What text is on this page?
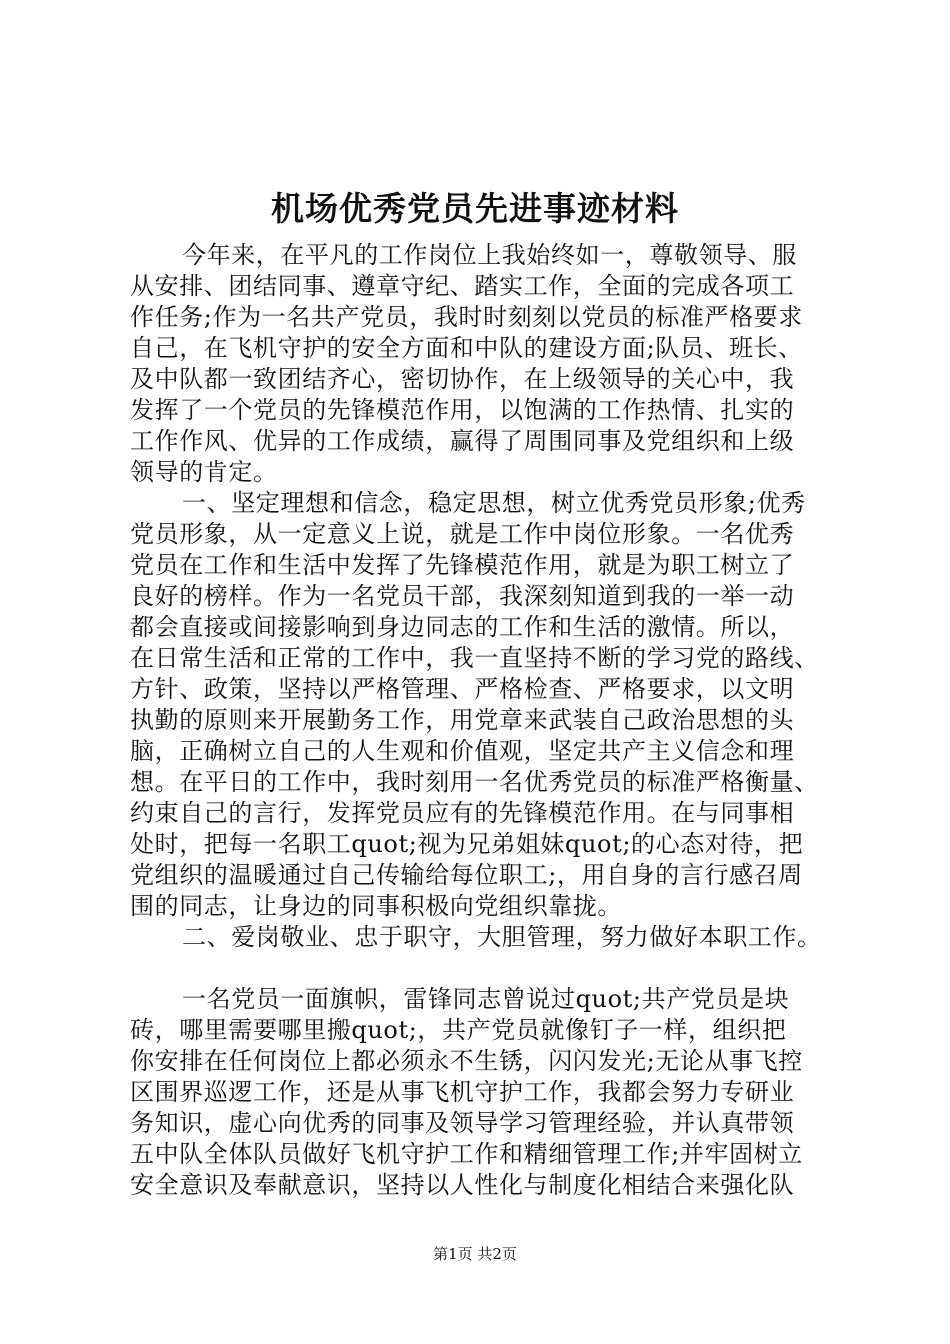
机场优秀党员先进事迹材料
今年来，在平凡的工作岗位上我始终如一，尊敬领导、服
从安排、团结同事、遵章守纪、踏实工作，全面的完成各项工
作任务;作为一名共产党员，我时时刻刻以党员的标准严格要求
自己，在飞机守护的安全方面和中队的建设方面;队员、班长、
及中队都一致团结齐心，密切协作，在上级领导的关心中，我
发挥了一个党员的先锋模范作用，以饱满的工作热情、扎实的
工作作风、优异的工作成绩，赢得了周围同事及党组织和上级
领导的肯定。
一、坚定理想和信念，稳定思想，树立优秀党员形象;优秀
党员形象，从一定意义上说，就是工作中岗位形象。一名优秀
党员在工作和生活中发挥了先锋模范作用，就是为职工树立了
良好的榜样。作为一名党员干部，我深刻知道到我的一举一动
都会直接或间接影响到身边同志的工作和生活的激情。所以，
在日常生活和正常的工作中，我一直坚持不断的学习党的路线、
方针、政策，坚持以严格管理、严格检查、严格要求，以文明
执勤的原则来开展勤务工作，用党章来武装自己政治思想的头
脑，正确树立自己的人生观和价值观，坚定共产主义信念和理
想。在平日的工作中，我时刻用一名优秀党员的标准严格衡量、
约束自己的言行，发挥党员应有的先锋模范作用。在与同事相
处时，把每一名职工quot;视为兄弟姐妹quot;的心态对待，把
党组织的温暖通过自己传输给每位职工;，用自身的言行感召周
围的同志，让身边的同事积极向党组织靠拢。
二、爱岗敬业、忠于职守，大胆管理，努力做好本职工作。
一名党员一面旗帜，雷锋同志曾说过quot;共产党员是块
砖，哪里需要哪里搬quot;，共产党员就像钉子一样，组织把
你安排在任何岗位上都必须永不生锈，闪闪发光;无论从事飞控
区围界巡逻工作，还是从事飞机守护工作，我都会努力专研业
务知识，虚心向优秀的同事及领导学习管理经验，并认真带领
五中队全体队员做好飞机守护工作和精细管理工作;并牢固树立
安全意识及奉献意识，坚持以人性化与制度化相结合来强化队
第1页 共2页
